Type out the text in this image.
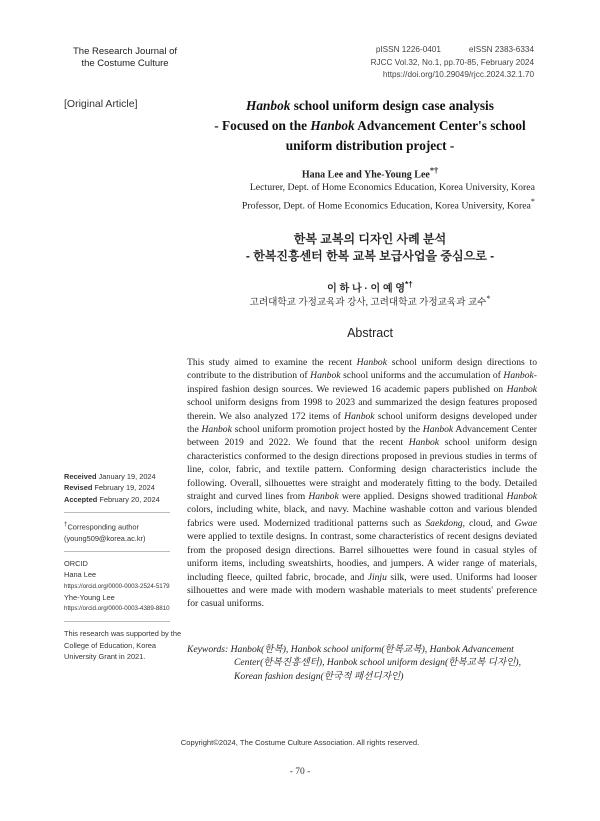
The Research Journal of
the Costume Culture
pISSN 1226-0401	eISSN 2383-6334
RJCC Vol.32, No.1, pp.70-85, February 2024
https://doi.org/10.29049/rjcc.2024.32.1.70
[Original Article]	Hanbok school uniform design case analysis
- Focused on the Hanbok Advancement Center's school
uniform distribution project -
Hana Lee and Yhe-Young Lee*†
Lecturer, Dept. of Home Economics Education, Korea University, Korea
Professor, Dept. of Home Economics Education, Korea University, Korea*
한복 교복의 디자인 사례 분석
- 한복진흥센터 한복 교복 보급사업을 중심으로 -
이 하 나 · 이 예 영*†
고려대학교 가정교육과 강사, 고려대학교 가정교육과 교수*
Abstract
This study aimed to examine the recent Hanbok school uniform design directions to contribute to the distribution of Hanbok school uniforms and the accumulation of Hanbok-inspired fashion design sources. We reviewed 16 academic papers published on Hanbok school uniform designs from 1998 to 2023 and summarized the design features proposed therein. We also analyzed 172 items of Hanbok school uniform designs developed under the Hanbok school uniform promotion project hosted by the Hanbok Advancement Center between 2019 and 2022. We found that the recent Hanbok school uniform design characteristics conformed to the design directions proposed in previous studies in terms of line, color, fabric, and textile pattern. Conforming design characteristics include the following. Overall, silhouettes were straight and moderately fitting to the body. Detailed straight and curved lines from Hanbok were applied. Designs showed traditional Hanbok colors, including white, black, and navy. Machine washable cotton and various blended fabrics were used. Modernized traditional patterns such as Saekdong, cloud, and Gwae were applied to textile designs. In contrast, some characteristics of recent designs deviated from the proposed design directions. Barrel silhouettes were found in casual styles of uniform items, including sweatshirts, hoodies, and jumpers. A wider range of materials, including fleece, quilted fabric, brocade, and Jinju silk, were used. Uniforms had looser silhouettes and were made with modern washable materials to meet students' preference for casual uniforms.
Keywords: Hanbok(한복), Hanbok school uniform(한복교복), Hanbok Advancement
Center(한복진흥센터), Hanbok school uniform design(한복교복 디자인),
Korean fashion design(한국적 패션디자인)
Received January 19, 2024
Revised February 19, 2024
Accepted February 20, 2024
†Corresponding author
(young509@korea.ac.kr)
ORCID
Hana Lee
https://orcid.org/0000-0003-2524-5179
Yhe-Young Lee
https://orcid.org/0000-0003-4389-8810
This research was supported by the College of Education, Korea University Grant in 2021.
Copyright©2024, The Costume Culture Association. All rights reserved.
- 70 -
